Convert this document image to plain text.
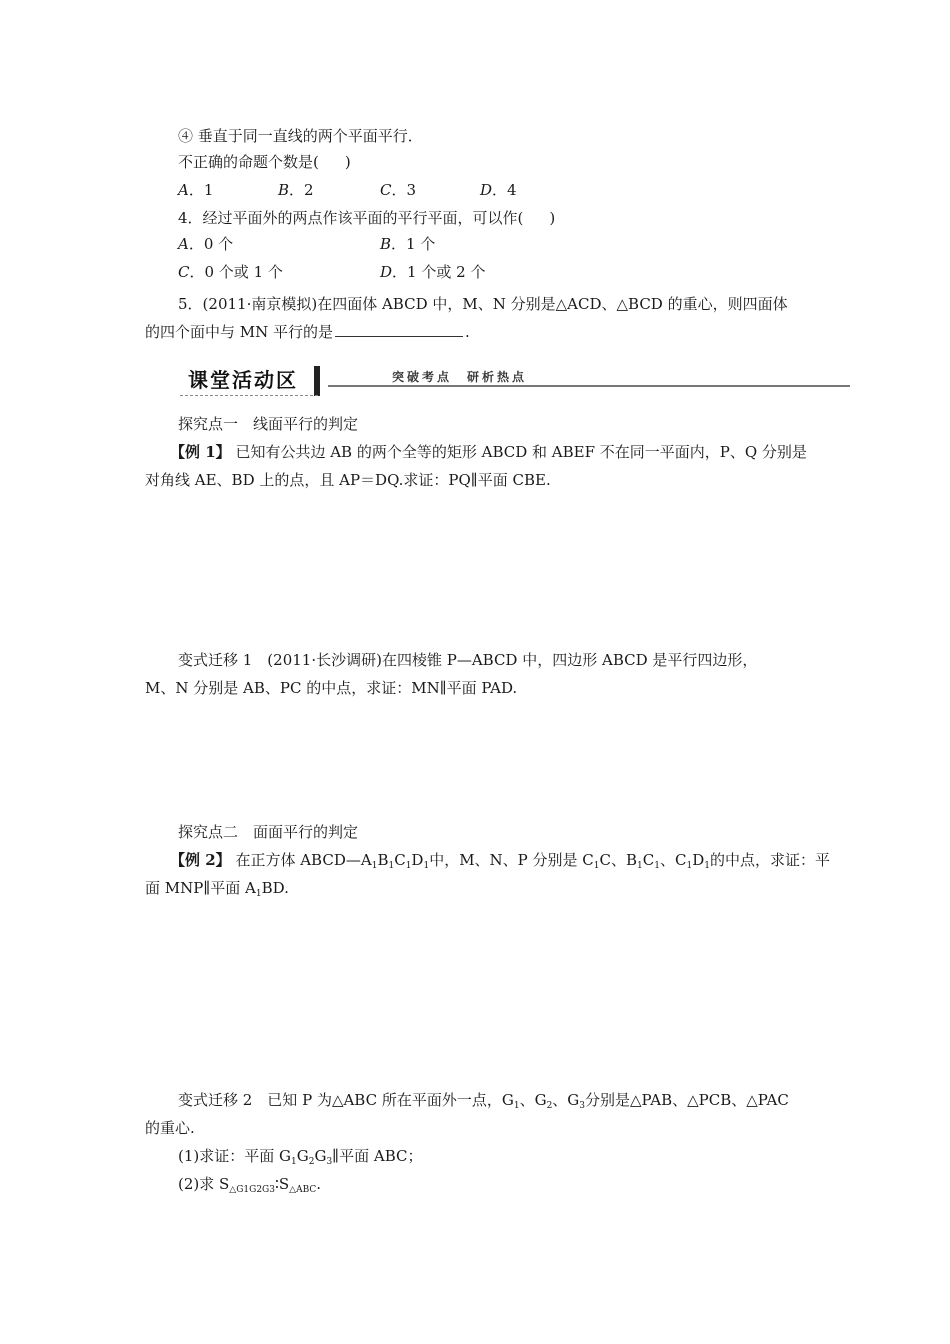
④ 垂直于同一直线的两个平面平行．
不正确的命题个数是( )
A．1	B．2	C．3	D．4
4．经过平面外的两点作该平面的平行平面，可以作( )
A．0 个	B．1 个
C．0 个或 1 个	D．1 个或 2 个
5．(2011·南京模拟)在四面体 ABCD 中，M、N 分别是△ACD、△BCD 的重心，则四面体
的四个面中与 MN 平行的是	.
课堂活动区	突破考点　研析热点
探究点一　线面平行的判定
【例 1】 已知有公共边 AB 的两个全等的矩形 ABCD 和 ABEF 不在同一平面内，P、Q 分别是
对角线 AE、BD 上的点，且 AP＝DQ.求证：PQ∥平面 CBE.
变式迁移 1　(2011·长沙调研)在四棱锥 P—ABCD 中，四边形 ABCD 是平行四边形，
M、N 分别是 AB、PC 的中点，求证：MN∥平面 PAD.
探究点二　面面平行的判定
【例 2】 在正方体 $ABCD—A_1B_1C_1D_1$中，M、N、P 分别是 $C_1C$、$B_1C_1$、$C_1D_1$的中点，求证：平
面 MNP∥平面 $A_1BD$.
变式迁移 2　已知 P 为△ABC 所在平面外一点，$G_1$、$G_2$、$G_3$分别是△PAB、△PCB、△PAC
的重心.
(1)求证：平面 $G_1G_2G_3\parallel$平面 ABC；
(2)求 $S_{\triangle G1G2G3}∶S_{\triangle ABC}$.
